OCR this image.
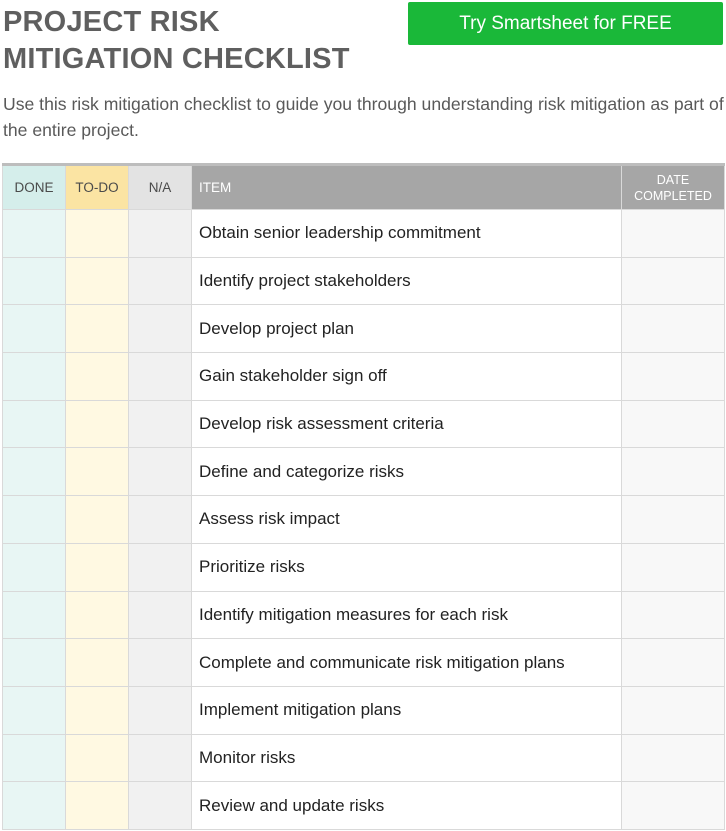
PROJECT RISK MITIGATION CHECKLIST
Try Smartsheet for FREE

Use this risk mitigation checklist to guide you through understanding risk mitigation as part of the entire project.

DONE	TO-DO	N/A	ITEM	DATE COMPLETED
			Obtain senior leadership commitment	
			Identify project stakeholders	
			Develop project plan	
			Gain stakeholder sign off	
			Develop risk assessment criteria	
			Define and categorize risks	
			Assess risk impact	
			Prioritize risks	
			Identify mitigation measures for each risk	
			Complete and communicate risk mitigation plans	
			Implement mitigation plans	
			Monitor risks	
			Review and update risks	
